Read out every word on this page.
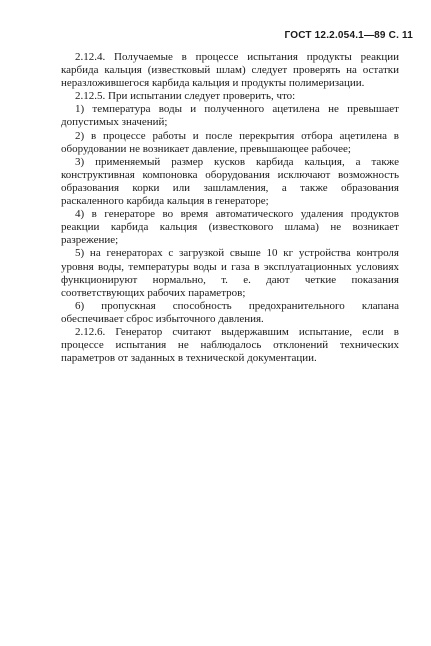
ГОСТ 12.2.054.1—89 С. 11

2.12.4. Получаемые в процессе испытания продукты реакции карбида кальция (известковый шлам) следует проверять на остатки неразложившегося карбида кальция и продукты полимеризации.

2.12.5. При испытании следует проверить, что:

1) температура воды и полученного ацетилена не превышает допустимых значений;

2) в процессе работы и после перекрытия отбора ацетилена в оборудовании не возникает давление, превышающее рабочее;

3) применяемый размер кусков карбида кальция, а также конструктивная компоновка оборудования исключают возможность образования корки или зашламления, а также образования раскаленного карбида кальция в генераторе;

4) в генераторе во время автоматического удаления продуктов реакции карбида кальция (известкового шлама) не возникает разрежение;

5) на генераторах с загрузкой свыше 10 кг устройства контроля уровня воды, температуры воды и газа в эксплуатационных условиях функционируют нормально, т. е. дают четкие показания соответствующих рабочих параметров;

6) пропускная способность предохранительного клапана обеспечивает сброс избыточного давления.

2.12.6. Генератор считают выдержавшим испытание, если в процессе испытания не наблюдалось отклонений технических параметров от заданных в технической документации.
